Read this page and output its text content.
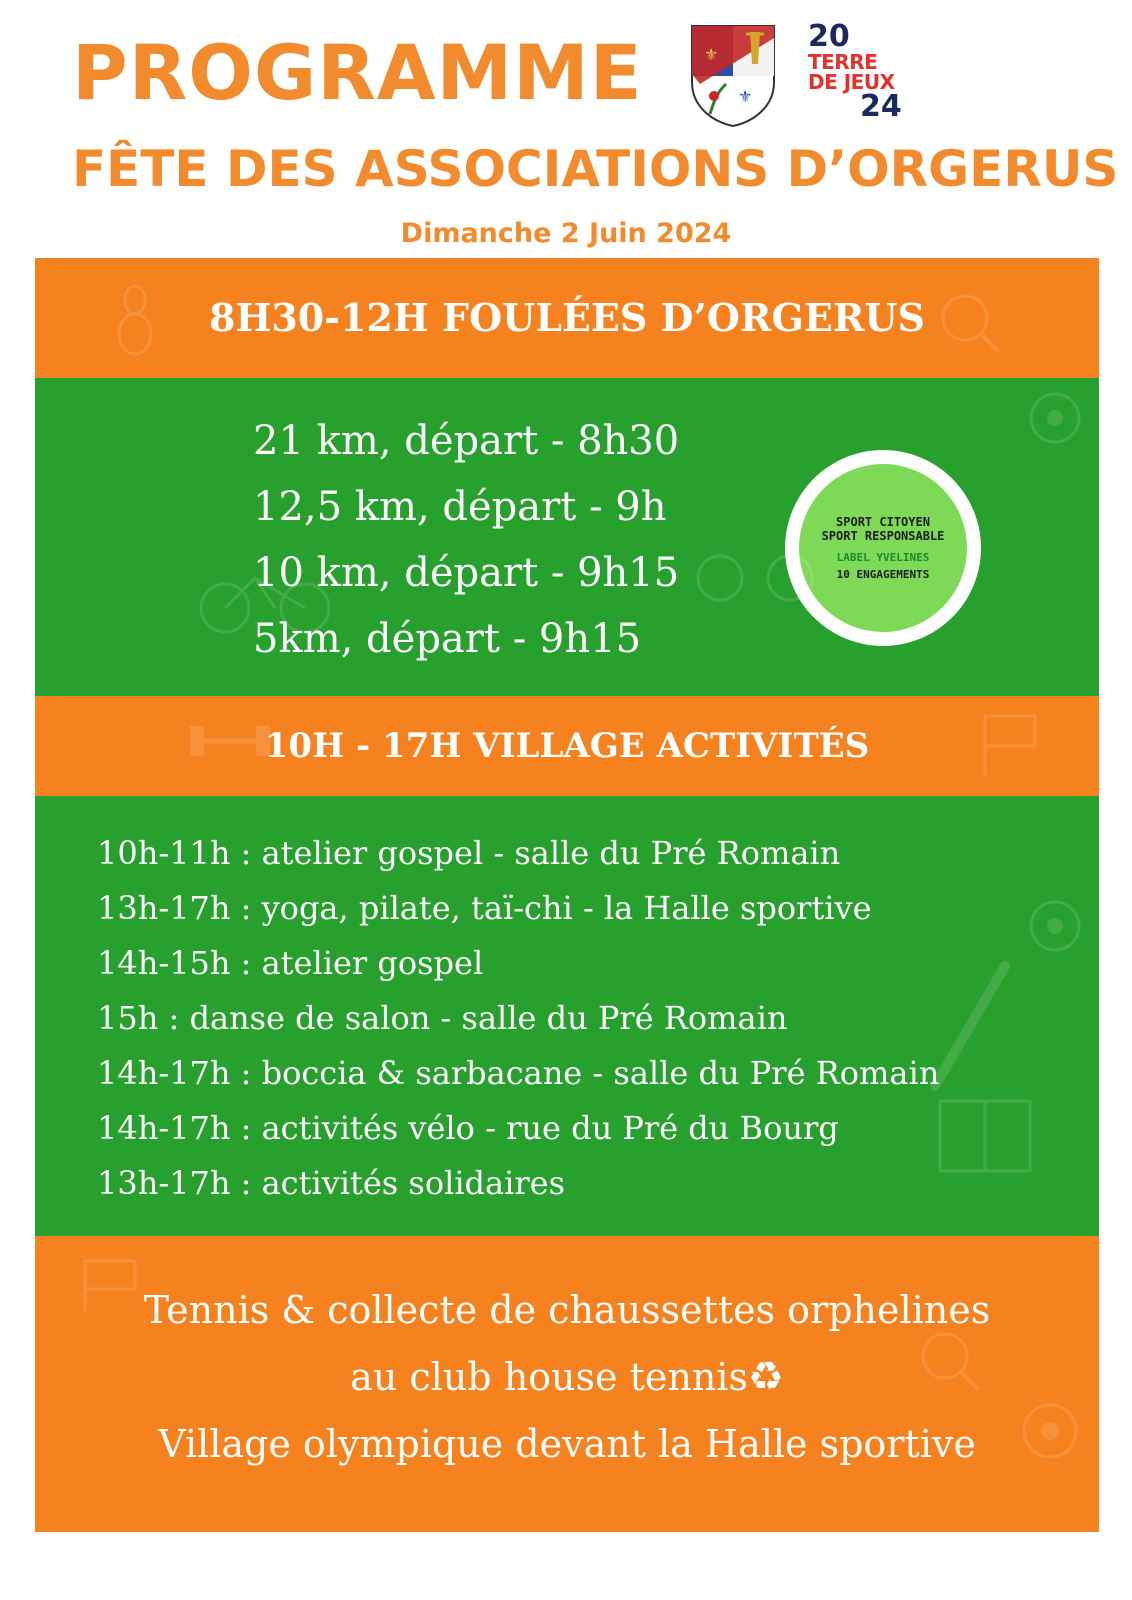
PROGRAMME	⚜
⚜
20
TERRE
DE JEUX
24
FÊTE DES ASSOCIATIONS D’ORGERUS
Dimanche 2 Juin 2024
8H30-12H FOULÉES D’ORGERUS
21 km, départ - 8h30
12,5 km, départ - 9h
10 km, départ - 9h15
5km, départ - 9h15
SPORT CITOYEN
SPORT RESPONSABLE
LABEL YVELINES
10 ENGAGEMENTS
10H - 17H VILLAGE ACTIVITÉS
10h-11h : atelier gospel - salle du Pré Romain
13h-17h : yoga, pilate, taï-chi - la Halle sportive
14h-15h : atelier gospel
15h : danse de salon - salle du Pré Romain
14h-17h : boccia & sarbacane - salle du Pré Romain
14h-17h : activités vélo - rue du Pré du Bourg
13h-17h : activités solidaires
Tennis & collecte de chaussettes orphelines
au club house tennis♻
Village olympique devant la Halle sportive
